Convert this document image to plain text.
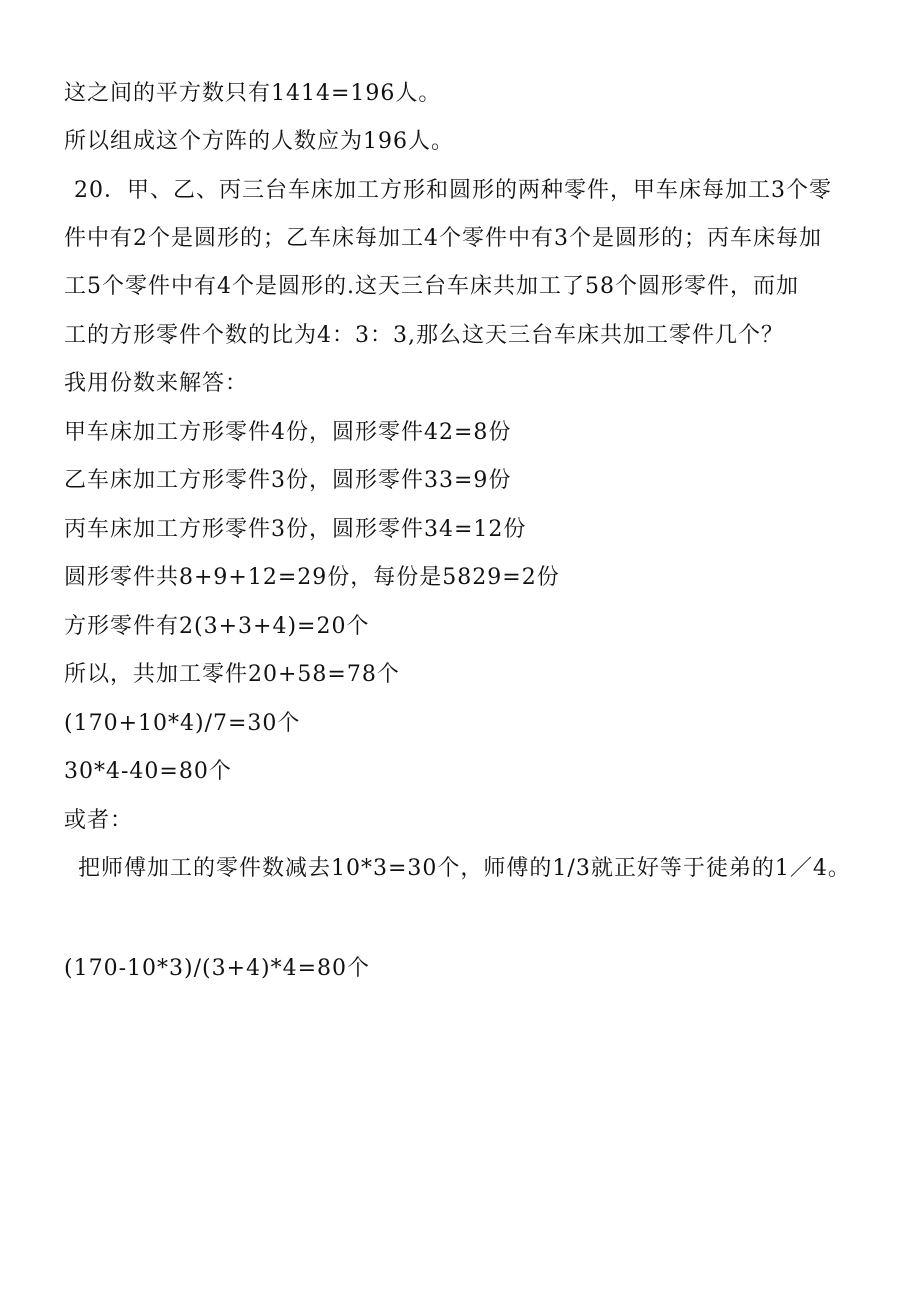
这之间的平方数只有1414=196人。
所以组成这个方阵的人数应为196人。
20．甲、乙、丙三台车床加工方形和圆形的两种零件，甲车床每加工3个零
件中有2个是圆形的；乙车床每加工4个零件中有3个是圆形的；丙车床每加
工5个零件中有4个是圆形的.这天三台车床共加工了58个圆形零件，而加
工的方形零件个数的比为4：3：3,那么这天三台车床共加工零件几个？
我用份数来解答：
甲车床加工方形零件4份，圆形零件42=8份
乙车床加工方形零件3份，圆形零件33=9份
丙车床加工方形零件3份，圆形零件34=12份
圆形零件共8+9+12=29份，每份是5829=2份
方形零件有2(3+3+4)=20个
所以，共加工零件20+58=78个
(170+10*4)/7=30个
30*4-40=80个
或者：
把师傅加工的零件数减去10*3=30个，师傅的1/3就正好等于徒弟的1／4。
(170-10*3)/(3+4)*4=80个
